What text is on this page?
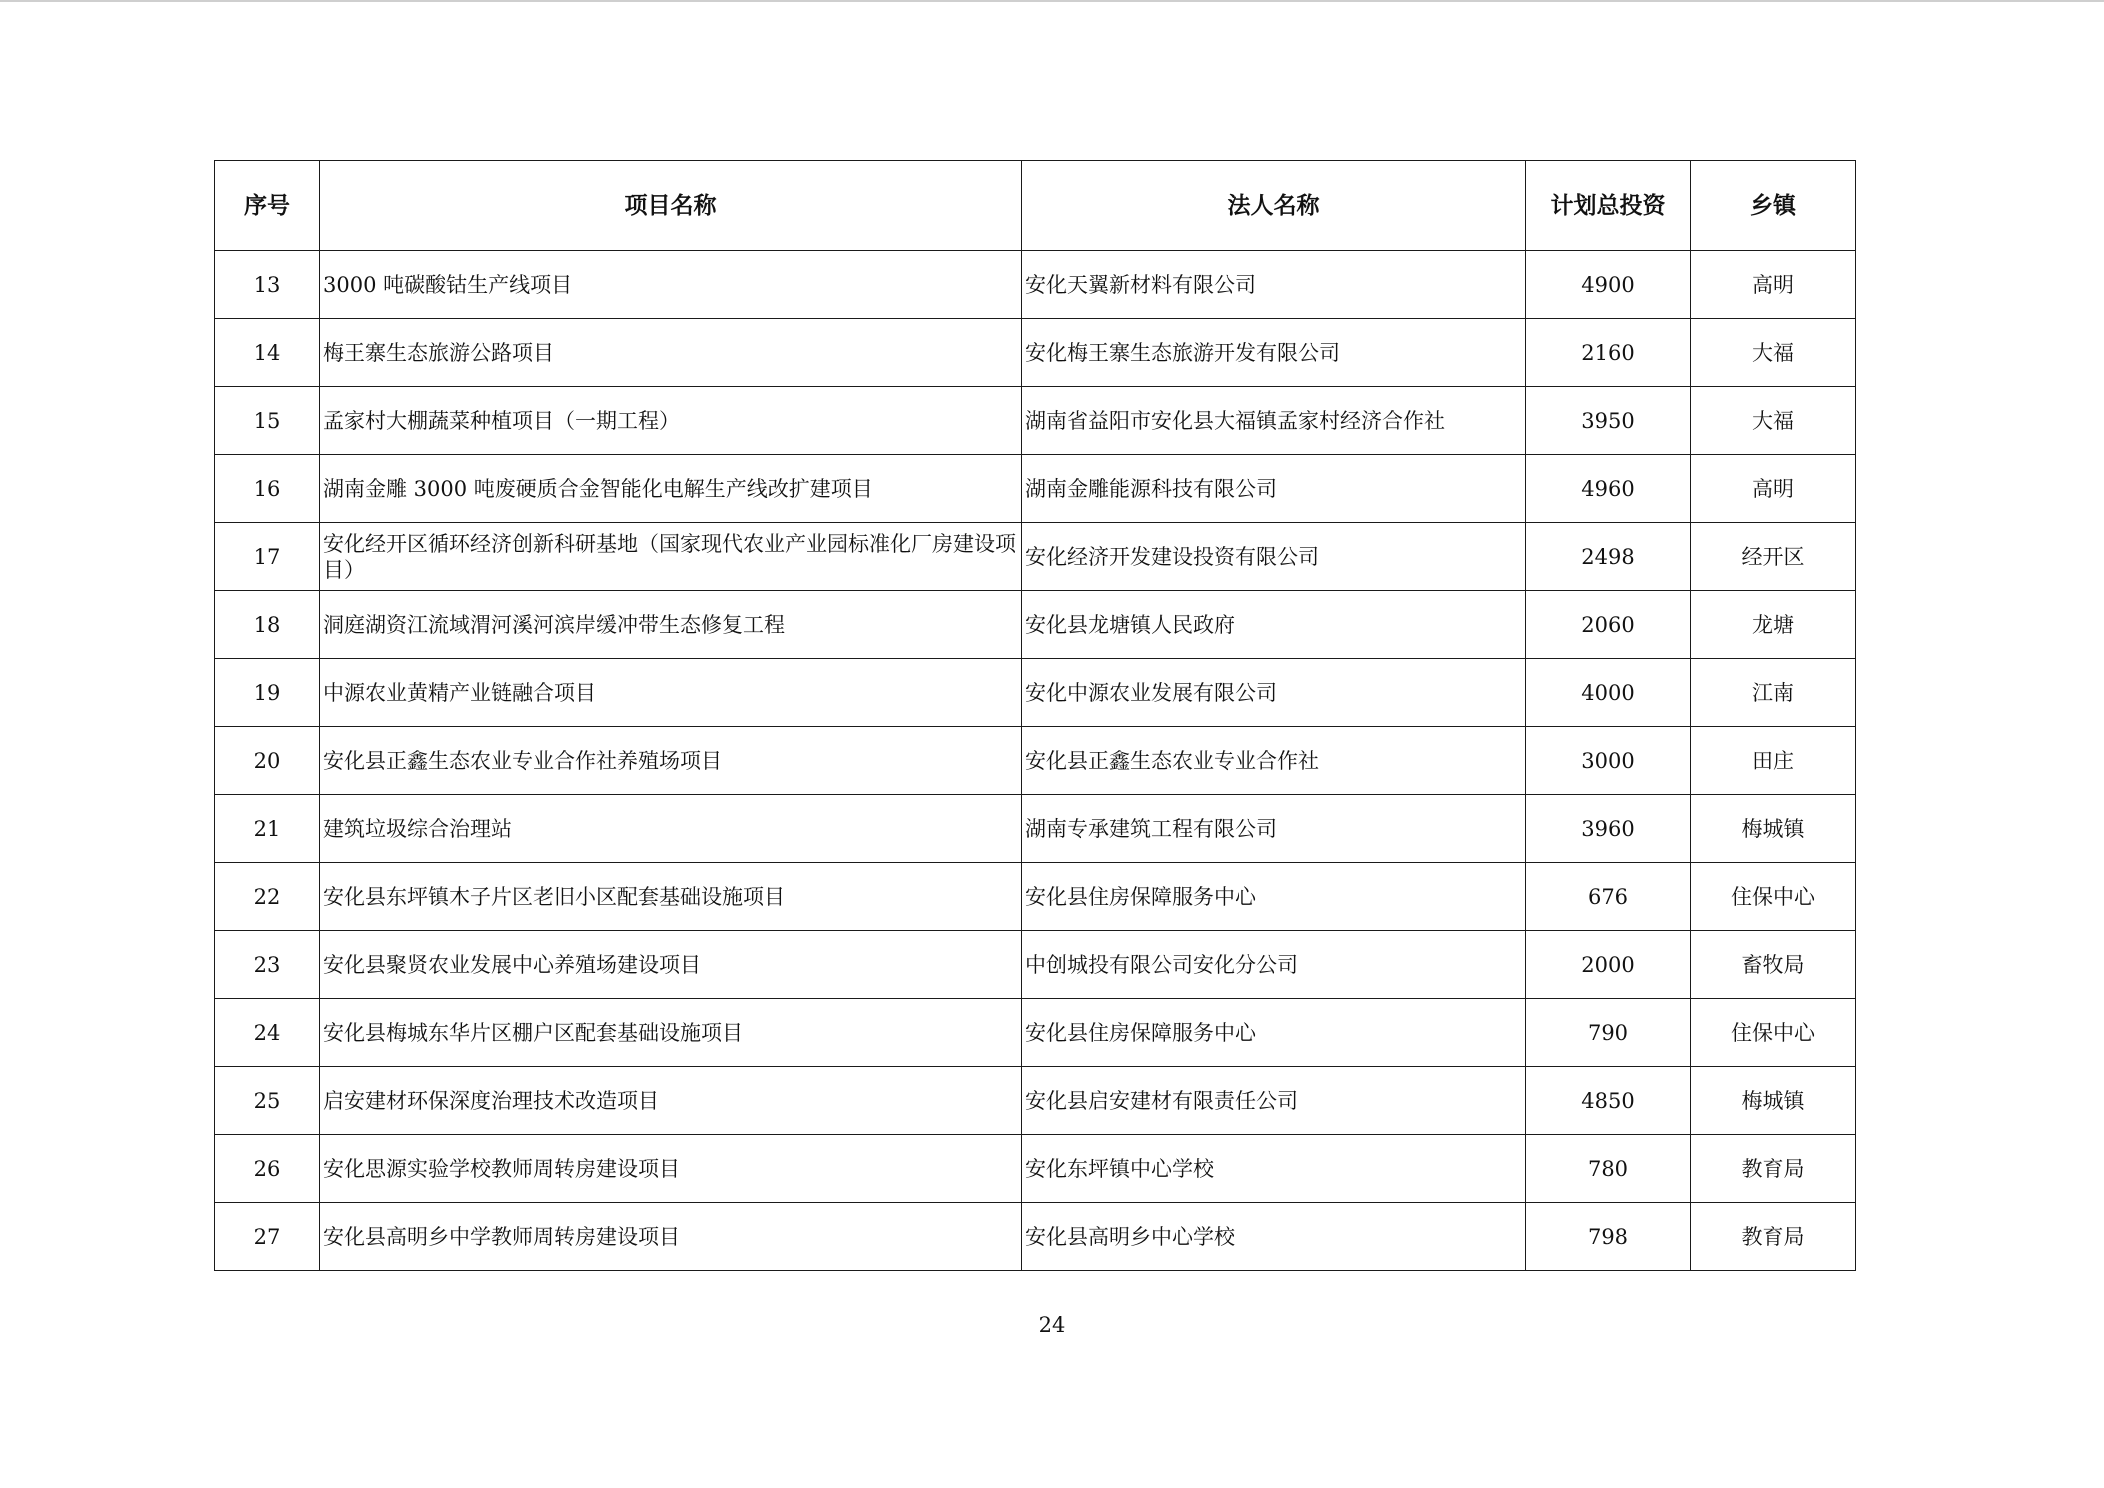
序号	项目名称	法人名称	计划总投资	乡镇
13	3000 吨碳酸钴生产线项目	安化天翼新材料有限公司	4900	高明
14	梅王寨生态旅游公路项目	安化梅王寨生态旅游开发有限公司	2160	大福
15	孟家村大棚蔬菜种植项目（一期工程）	湖南省益阳市安化县大福镇孟家村经济合作社	3950	大福
16	湖南金雕 3000 吨废硬质合金智能化电解生产线改扩建项目	湖南金雕能源科技有限公司	4960	高明
17	安化经开区循环经济创新科研基地（国家现代农业产业园标准化厂房建设项目）	安化经济开发建设投资有限公司	2498	经开区
18	洞庭湖资江流域渭河溪河滨岸缓冲带生态修复工程	安化县龙塘镇人民政府	2060	龙塘
19	中源农业黄精产业链融合项目	安化中源农业发展有限公司	4000	江南
20	安化县正鑫生态农业专业合作社养殖场项目	安化县正鑫生态农业专业合作社	3000	田庄
21	建筑垃圾综合治理站	湖南专承建筑工程有限公司	3960	梅城镇
22	安化县东坪镇木子片区老旧小区配套基础设施项目	安化县住房保障服务中心	676	住保中心
23	安化县聚贤农业发展中心养殖场建设项目	中创城投有限公司安化分公司	2000	畜牧局
24	安化县梅城东华片区棚户区配套基础设施项目	安化县住房保障服务中心	790	住保中心
25	启安建材环保深度治理技术改造项目	安化县启安建材有限责任公司	4850	梅城镇
26	安化思源实验学校教师周转房建设项目	安化东坪镇中心学校	780	教育局
27	安化县高明乡中学教师周转房建设项目	安化县高明乡中心学校	798	教育局
24
